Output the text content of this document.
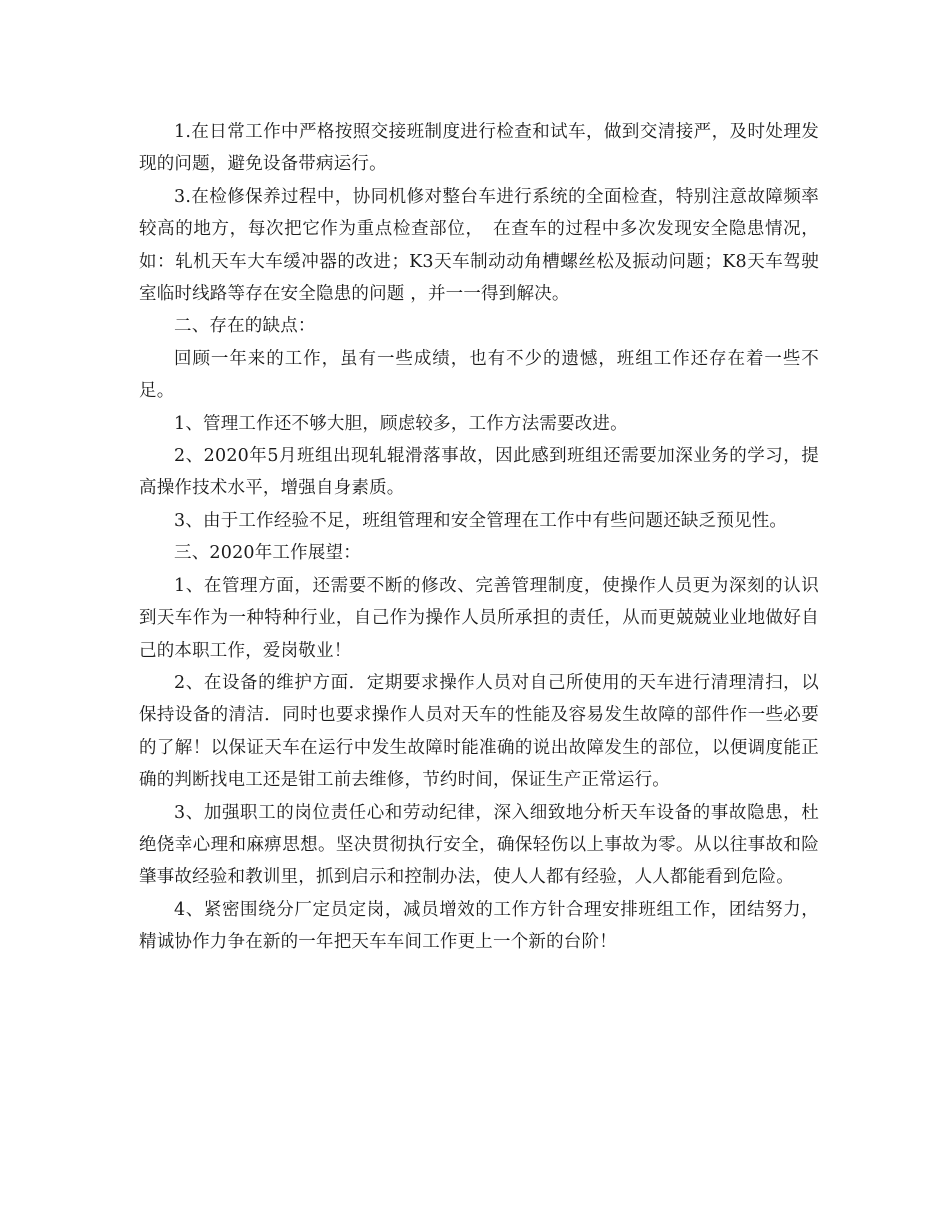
1.在日常工作中严格按照交接班制度进行检查和试车，做到交清接严，及时处理发现的问题，避免设备带病运行。

3.在检修保养过程中，协同机修对整台车进行系统的全面检查，特别注意故障频率较高的地方，每次把它作为重点检查部位，　在查车的过程中多次发现安全隐患情况，如：轧机天车大车缓冲器的改进；K3天车制动动角槽螺丝松及振动问题；K8天车驾驶室临时线路等存在安全隐患的问题 ，并一一得到解决。

二、存在的缺点：

回顾一年来的工作，虽有一些成绩，也有不少的遗憾，班组工作还存在着一些不足。

1、管理工作还不够大胆，顾虑较多，工作方法需要改进。

2、2020年5月班组出现轧辊滑落事故，因此感到班组还需要加深业务的学习，提高操作技术水平，增强自身素质。

3、由于工作经验不足，班组管理和安全管理在工作中有些问题还缺乏预见性。

三、2020年工作展望：

1、在管理方面，还需要不断的修改、完善管理制度，使操作人员更为深刻的认识到天车作为一种特种行业，自己作为操作人员所承担的责任，从而更兢兢业业地做好自己的本职工作，爱岗敬业！

2、在设备的维护方面．定期要求操作人员对自己所使用的天车进行清理清扫，以保持设备的清洁．同时也要求操作人员对天车的性能及容易发生故障的部件作一些必要的了解！以保证天车在运行中发生故障时能准确的说出故障发生的部位，以便调度能正确的判断找电工还是钳工前去维修，节约时间，保证生产正常运行。

3、加强职工的岗位责任心和劳动纪律，深入细致地分析天车设备的事故隐患，杜绝侥幸心理和麻痹思想。坚决贯彻执行安全，确保轻伤以上事故为零。从以往事故和险肇事故经验和教训里，抓到启示和控制办法，使人人都有经验，人人都能看到危险。

4、紧密围绕分厂定员定岗，减员增效的工作方针合理安排班组工作，团结努力，精诚协作力争在新的一年把天车车间工作更上一个新的台阶！
